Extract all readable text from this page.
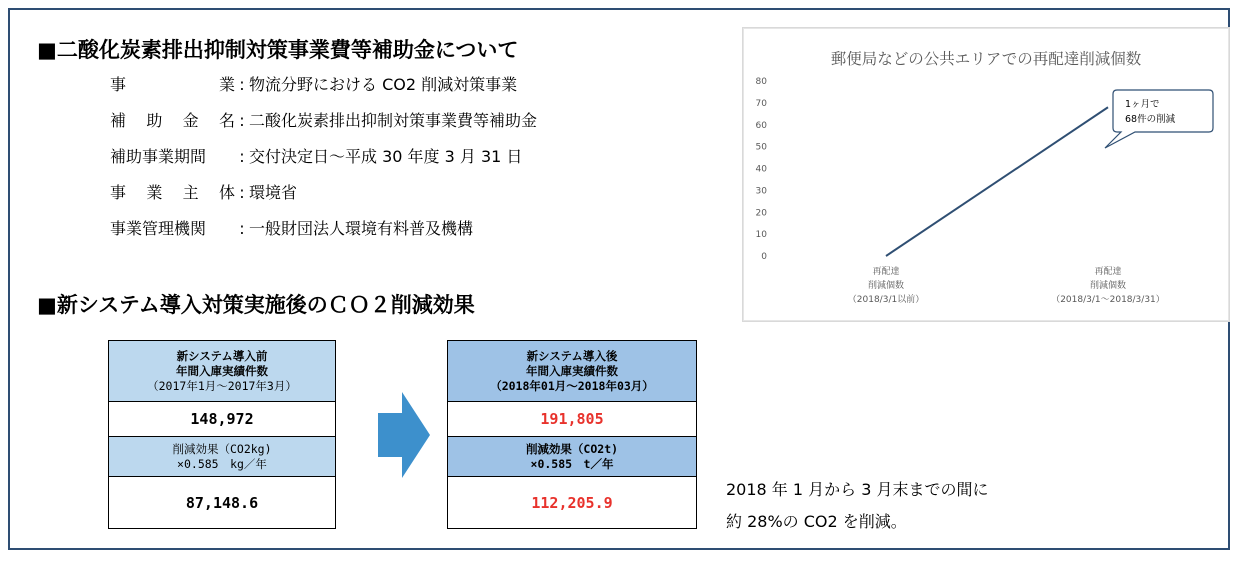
■二酸化炭素排出抑制対策事業費等補助金について
事	業 : 物流分野における CO2 削減対策事業
補 助 金 名 : 二酸化炭素排出抑制対策事業費等補助金
補助事業期間	: 交付決定日～平成 30 年度 3 月 31 日
事 業 主 体 : 環境省
事業管理機関	: 一般財団法人環境有料普及機構
■新システム導入対策実施後のＣＯ２削減効果
新システム導入前
年間入庫実績件数
（2017年1月～2017年3月）

148,972

削減効果（CO2kg)
×0.585　kg／年

87,148.6
新システム導入後
年間入庫実績件数
（2018年01月～2018年03月）

191,805

削減効果（CO2t)
×0.585　t／年

112,205.9
2018 年 1 月から 3 月末までの間に
約 28%の CO2 を削減。
郵便局などの公共エリアでの再配達削減個数
0
10
20
30
40
50
60
70
80
再配達
削減個数
（2018/3/1以前）
再配達
削減個数
（2018/3/1～2018/3/31）
1ヶ月で
68件の削減
